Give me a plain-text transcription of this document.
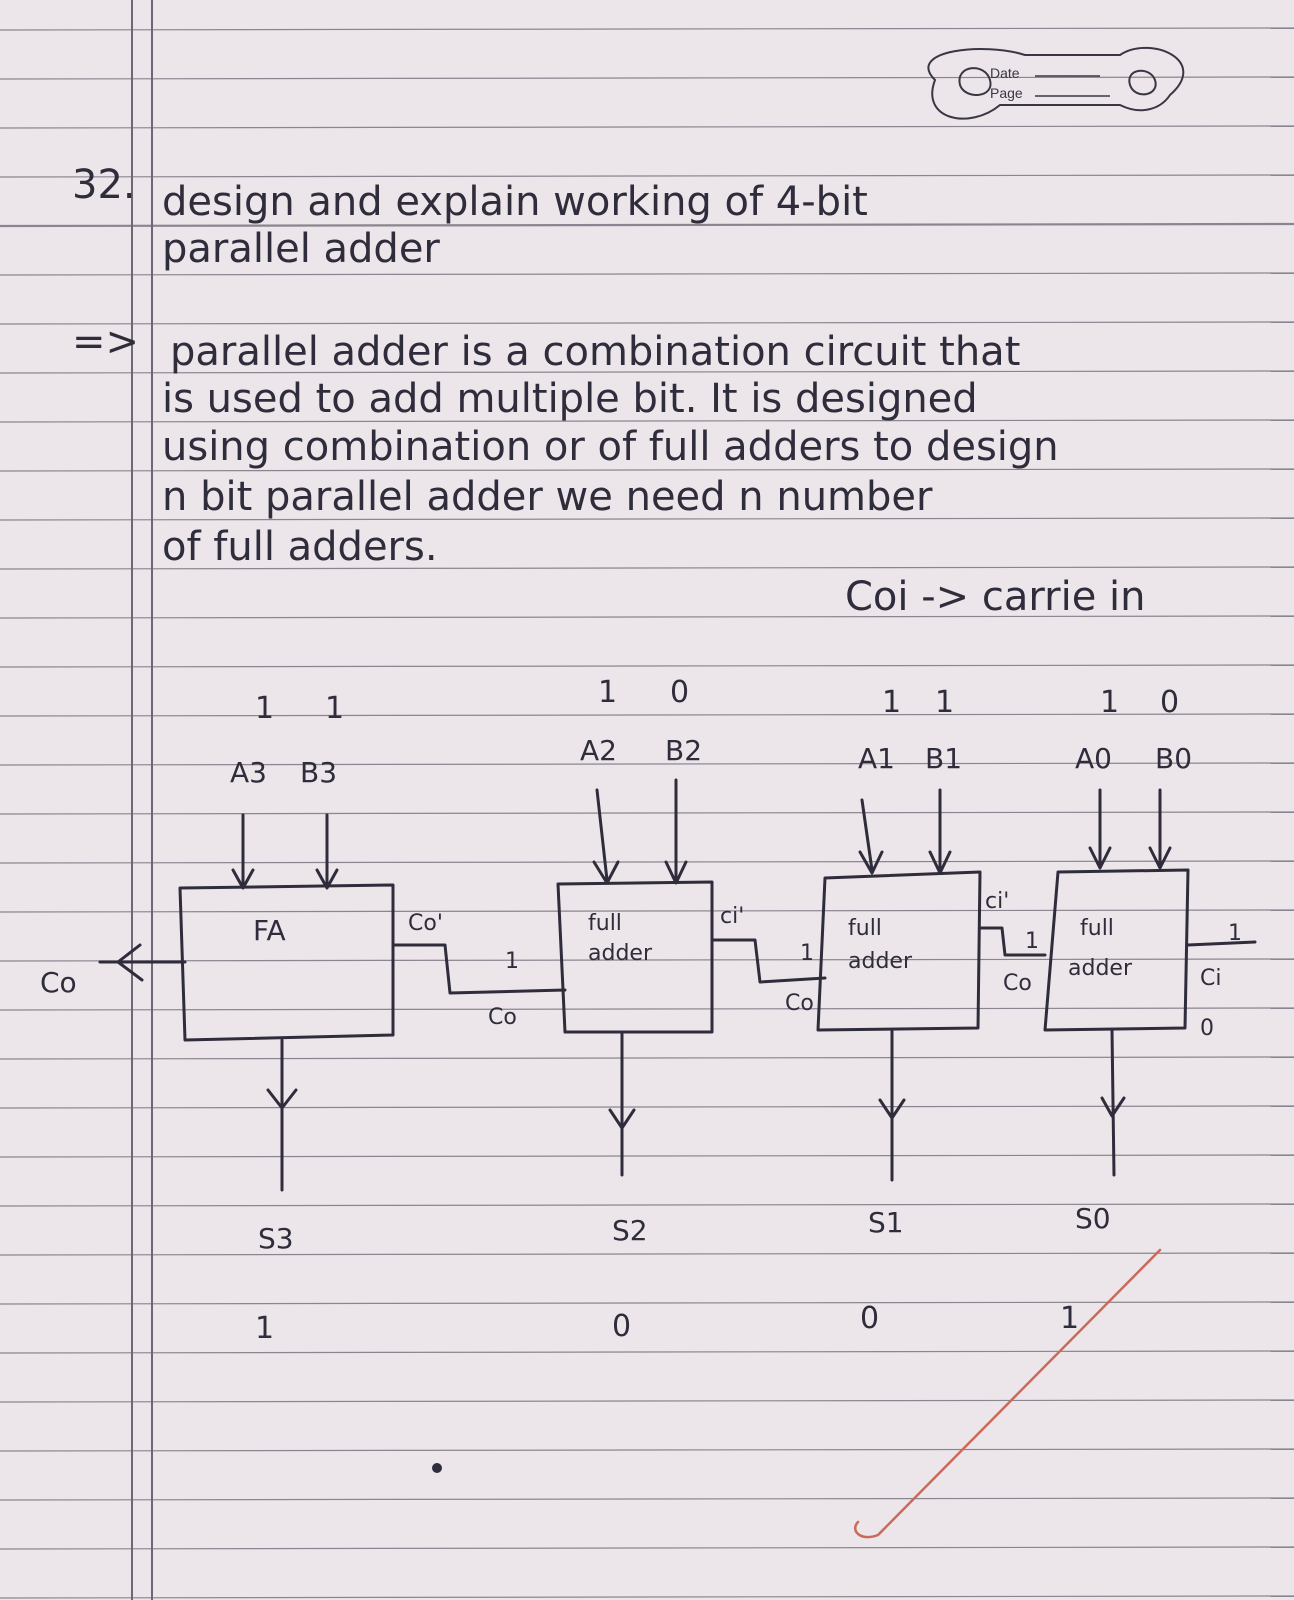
Date
Page
32. design and explain working of 4-bit
parallel adder
=> parallel adder is a combination circuit that
is used to add multiple bit. It is designed
using combination or of full adders to design
n bit parallel adder we need n number
of full adders.
Coi -> carrie in
1 1	1 0	1 1	1 0
A3 B3
A2 B2	A1 B1	A0 B0
FA	full
adder
full
adder
full
adder
Co
Co'
1
Co
ci'
1
Co
ci'
1
Co
1
Ci
0
S3	S2	S1	S0
1	0	0	1
